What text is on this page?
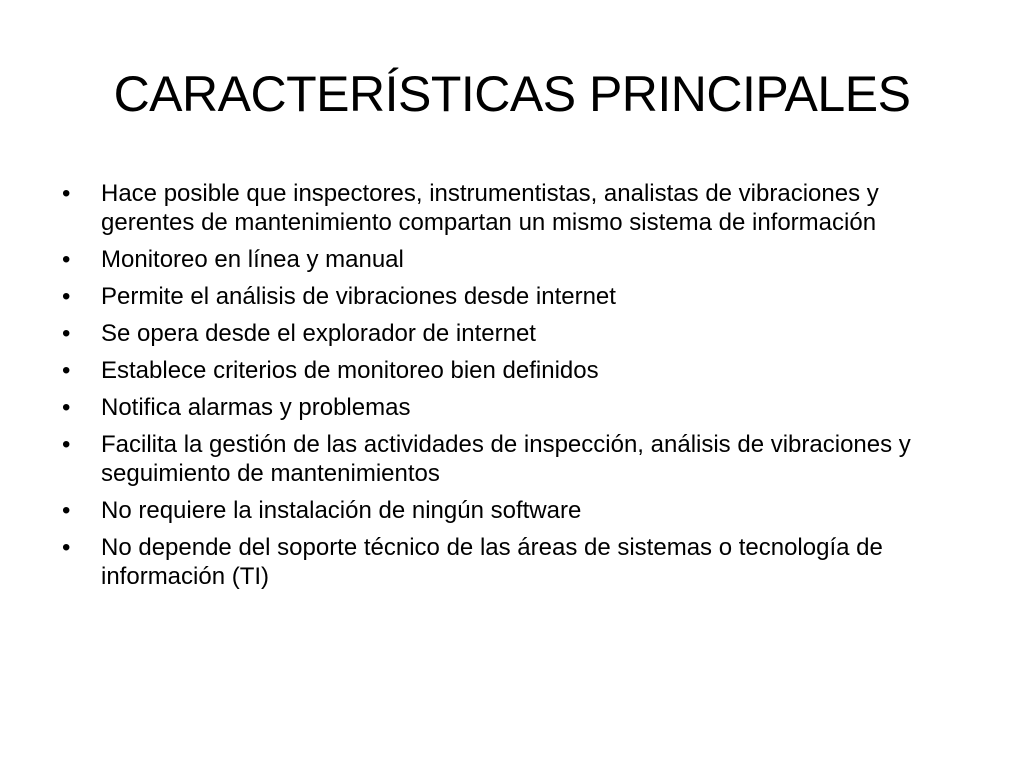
CARACTERÍSTICAS PRINCIPALES
•	Hace posible que inspectores, instrumentistas, analistas de vibraciones y gerentes de mantenimiento compartan un mismo sistema de información
•	Monitoreo en línea y manual
•	Permite el análisis de vibraciones desde internet
•	Se opera desde el explorador de internet
•	Establece criterios de monitoreo bien definidos
•	Notifica alarmas y problemas
•	Facilita la gestión de las actividades de inspección, análisis de vibraciones y seguimiento de mantenimientos
•	No requiere la instalación de ningún software
•	No depende del soporte técnico de las áreas de sistemas o tecnología de información (TI)
